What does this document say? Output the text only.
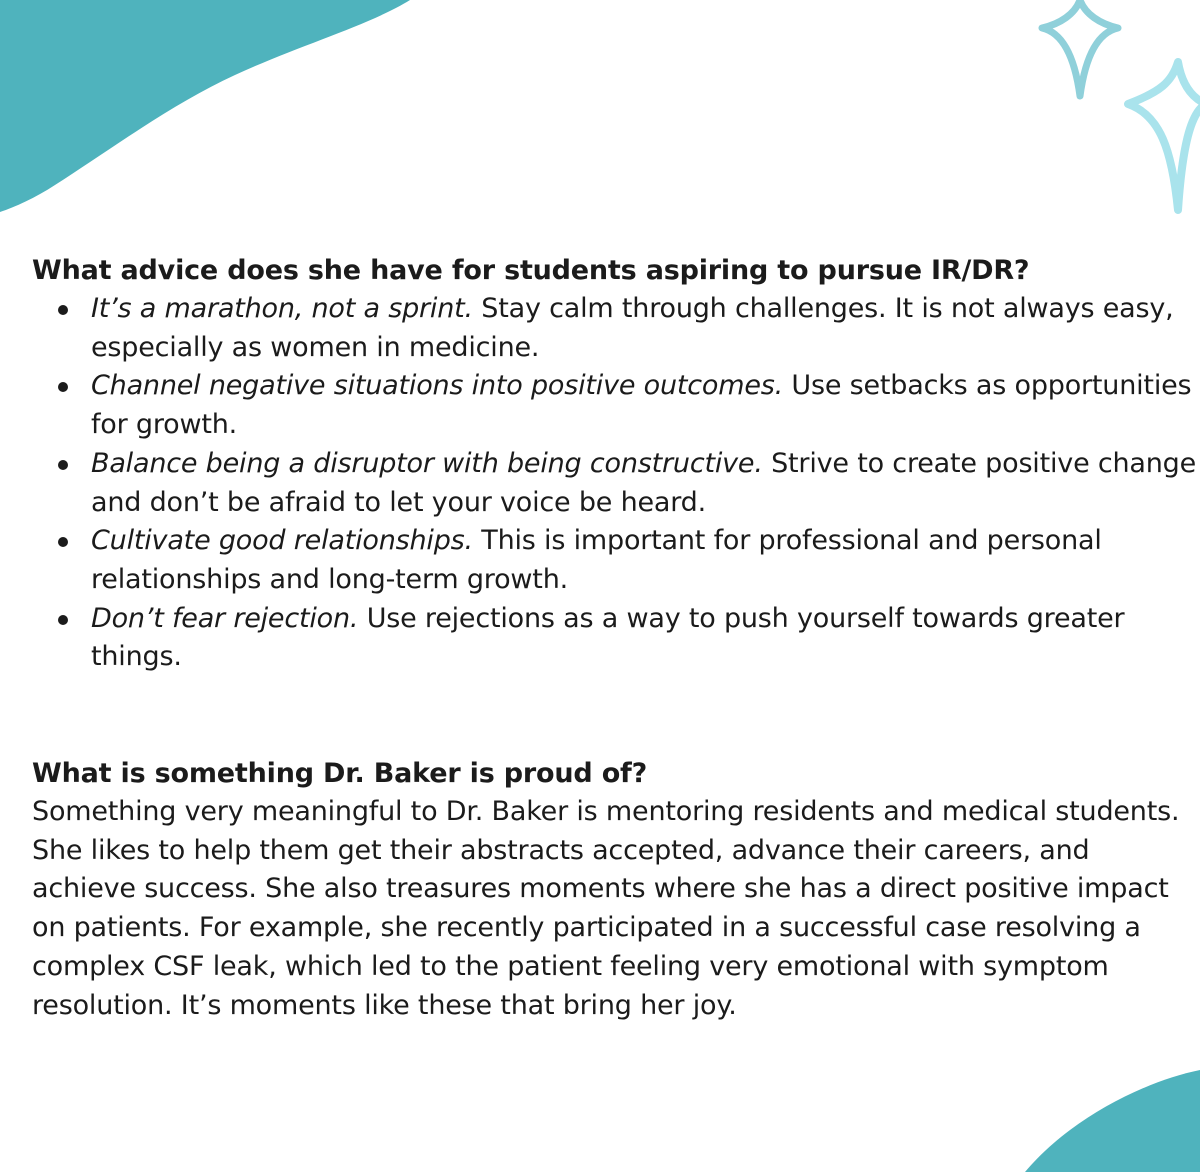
What advice does she have for students aspiring to pursue IR/DR?
It’s a marathon, not a sprint. Stay calm through challenges. It is not always easy, especially as women in medicine.
Channel negative situations into positive outcomes. Use setbacks as opportunities for growth.
Balance being a disruptor with being constructive. Strive to create positive change and don’t be afraid to let your voice be heard.
Cultivate good relationships. This is important for professional and personal relationships and long-term growth.
Don’t fear rejection. Use rejections as a way to push yourself towards greater things.
What is something Dr. Baker is proud of?

Something very meaningful to Dr. Baker is mentoring residents and medical students. She likes to help them get their abstracts accepted, advance their careers, and achieve success. She also treasures moments where she has a direct positive impact on patients. For example, she recently participated in a successful case resolving a complex CSF leak, which led to the patient feeling very emotional with symptom resolution. It’s moments like these that bring her joy.
